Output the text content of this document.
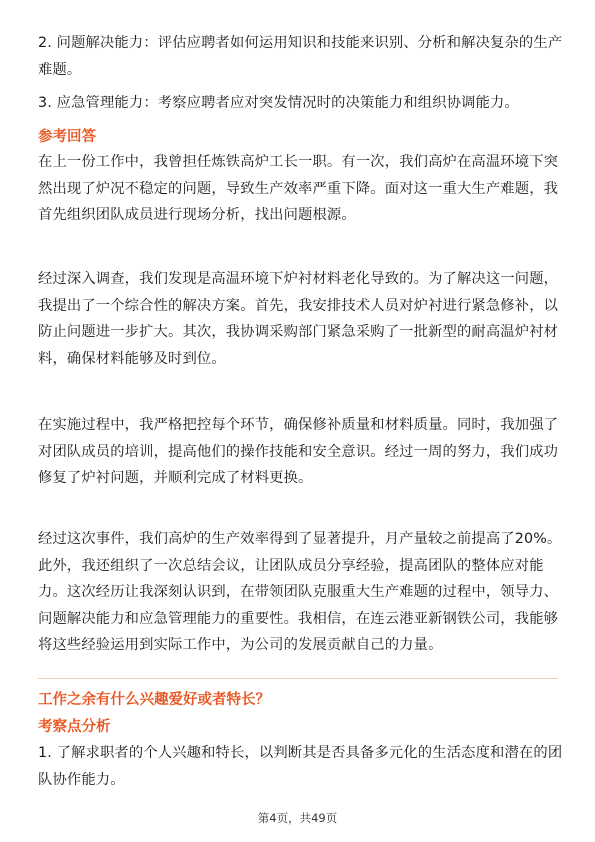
2. 问题解决能力：评估应聘者如何运用知识和技能来识别、分析和解决复杂的生产
难题。
3. 应急管理能力：考察应聘者应对突发情况时的决策能力和组织协调能力。
参考回答
在上一份工作中，我曾担任炼铁高炉工长一职。有一次，我们高炉在高温环境下突
然出现了炉况不稳定的问题，导致生产效率严重下降。面对这一重大生产难题，我
首先组织团队成员进行现场分析，找出问题根源。
经过深入调查，我们发现是高温环境下炉衬材料老化导致的。为了解决这一问题，
我提出了一个综合性的解决方案。首先，我安排技术人员对炉衬进行紧急修补，以
防止问题进一步扩大。其次，我协调采购部门紧急采购了一批新型的耐高温炉衬材
料，确保材料能够及时到位。
在实施过程中，我严格把控每个环节，确保修补质量和材料质量。同时，我加强了
对团队成员的培训，提高他们的操作技能和安全意识。经过一周的努力，我们成功
修复了炉衬问题，并顺利完成了材料更换。
经过这次事件，我们高炉的生产效率得到了显著提升，月产量较之前提高了20%。
此外，我还组织了一次总结会议，让团队成员分享经验，提高团队的整体应对能
力。这次经历让我深刻认识到，在带领团队克服重大生产难题的过程中，领导力、
问题解决能力和应急管理能力的重要性。我相信，在连云港亚新钢铁公司，我能够
将这些经验运用到实际工作中，为公司的发展贡献自己的力量。
工作之余有什么兴趣爱好或者特长？
考察点分析
1. 了解求职者的个人兴趣和特长，以判断其是否具备多元化的生活态度和潜在的团
队协作能力。
第4页，共49页
